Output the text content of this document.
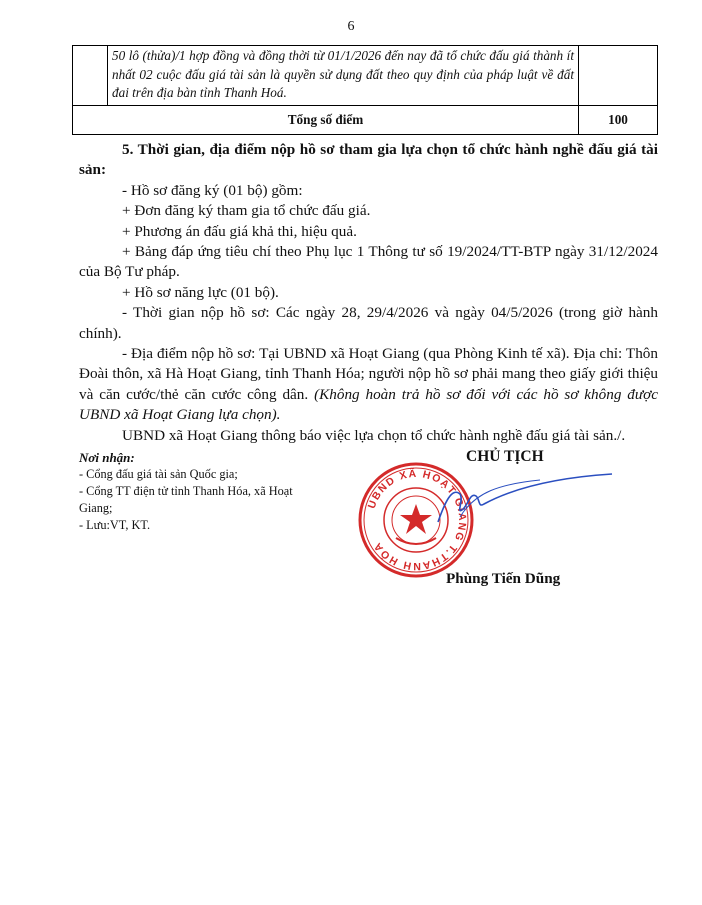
6
	50 lô (thửa)/1 hợp đồng và đồng thời từ 01/1/2026 đến nay đã tổ chức đấu giá thành ít nhất 02 cuộc đấu giá tài sản là quyền sử dụng đất theo quy định của pháp luật về đất đai trên địa bàn tỉnh Thanh Hoá.	
Tổng số điểm		100

5. Thời gian, địa điểm nộp hồ sơ tham gia lựa chọn tổ chức hành nghề đấu giá tài sản:

- Hồ sơ đăng ký (01 bộ) gồm:

+ Đơn đăng ký tham gia tổ chức đấu giá.

+ Phương án đấu giá khả thi, hiệu quả.

+ Bảng đáp ứng tiêu chí theo Phụ lục 1 Thông tư số 19/2024/TT-BTP ngày 31/12/2024 của Bộ Tư pháp.

+ Hồ sơ năng lực (01 bộ).

- Thời gian nộp hồ sơ: Các ngày 28, 29/4/2026 và ngày 04/5/2026 (trong giờ hành chính).

- Địa điểm nộp hồ sơ: Tại UBND xã Hoạt Giang (qua Phòng Kinh tế xã). Địa chỉ: Thôn Đoài thôn, xã Hà Hoạt Giang, tỉnh Thanh Hóa; người nộp hồ sơ phải mang theo giấy giới thiệu và căn cước/thẻ căn cước công dân. (Không hoàn trả hồ sơ đối với các hồ sơ không được UBND xã Hoạt Giang lựa chọn).

UBND xã Hoạt Giang thông báo việc lựa chọn tổ chức hành nghề đấu giá tài sản./.

Nơi nhận:
- Cổng đấu giá tài sản Quốc gia;
- Cổng TT điện tử tỉnh Thanh Hóa, xã Hoạt Giang;
- Lưu:VT, KT.
CHỦ TỊCH
UBND XÃ HOẠT GIANG T.THANH HÓA
Phùng Tiến Dũng
